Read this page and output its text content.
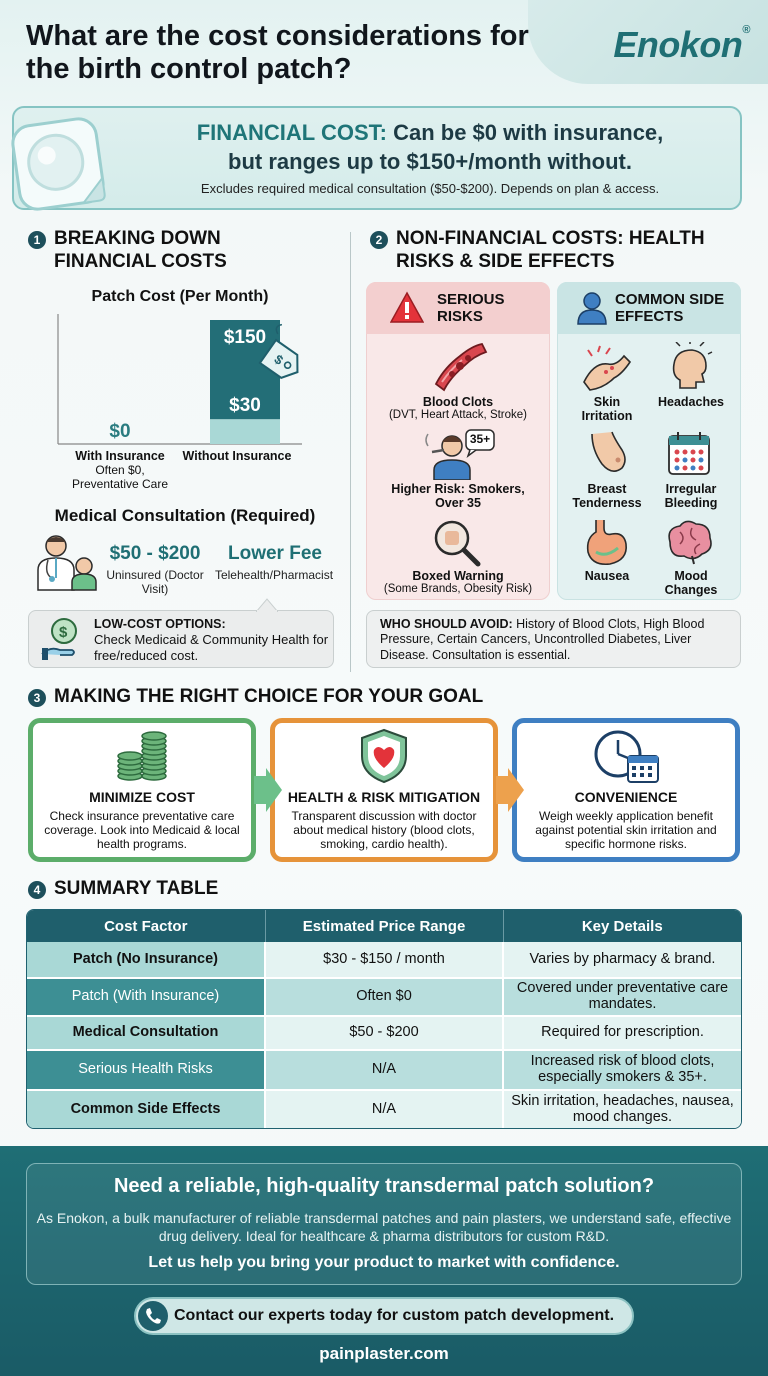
What are the cost considerations for the birth control patch?
Enokon®
FINANCIAL COST: Can be $0 with insurance,
but ranges up to $150+/month without.
Excludes required medical consultation ($50-$200). Depends on plan & access.
1 BREAKING DOWN FINANCIAL COSTS
Patch Cost (Per Month)
$0
$30
$150
With Insurance Without Insurance
Often $0,
Preventative Care
$
Medical Consultation (Required)
$50 - $200
Uninsured (Doctor Visit)
Lower Fee
Telehealth/Pharmacist
$ LOW-COST OPTIONS:
Check Medicaid & Community Health for free/reduced cost.
2 NON-FINANCIAL COSTS: HEALTH RISKS & SIDE EFFECTS
SERIOUS RISKS
COMMON SIDE EFFECTS
Blood Clots
(DVT, Heart Attack, Stroke)
35+
Higher Risk: Smokers, Over 35
Boxed Warning
(Some Brands, Obesity Risk)
Skin Irritation
Headaches
Breast Tenderness
Irregular Bleeding
Nausea	Mood Changes
WHO SHOULD AVOID: History of Blood Clots, High Blood Pressure, Certain Cancers, Uncontrolled Diabetes, Liver Disease. Consultation is essential.
3 MAKING THE RIGHT CHOICE FOR YOUR GOAL
MINIMIZE COST
Check insurance preventative care coverage. Look into Medicaid & local health programs.
HEALTH & RISK MITIGATION
Transparent discussion with doctor about medical history (blood clots, smoking, cardio health).
CONVENIENCE
Weigh weekly application benefit against potential skin irritation and specific hormone risks.
4 SUMMARY TABLE
Cost Factor	Estimated Price Range	Key Details
Patch (No Insurance)	$30 - $150 / month	Varies by pharmacy & brand.
Patch (With Insurance)	Often $0	Covered under preventative care mandates.
Medical Consultation	$50 - $200	Required for prescription.
Serious Health Risks	N/A	Increased risk of blood clots, especially smokers & 35+.
Common Side Effects	N/A	Skin irritation, headaches, nausea, mood changes.
Need a reliable, high-quality transdermal patch solution?
As Enokon, a bulk manufacturer of reliable transdermal patches and pain plasters, we understand safe, effective drug delivery. Ideal for healthcare & pharma distributors for custom R&D.
Let us help you bring your product to market with confidence.
Contact our experts today for custom patch development.
painplaster.com
